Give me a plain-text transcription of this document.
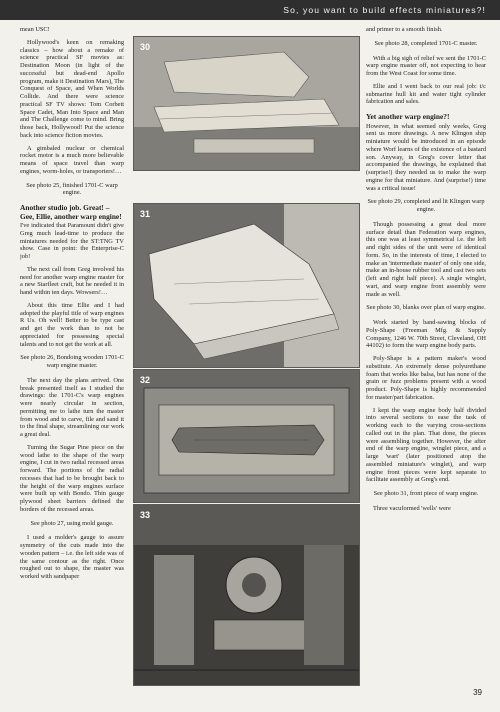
So, you want to build effects miniatures?!

mean USC!

Hollywood's keen on remaking classics – how about a remake of science practical SF movies as: Destination Moon (in light of the successful but dead-end Apollo program, make it Destination Mars), The Conquest of Space, and When Worlds Collide. And there were science practical SF TV shows: Tom Corbett Space Cadet, Man Into Space and Man and The Challenge come to mind. Bring those back, Hollywood! Put the science back into science fiction movies.

A gimbaled nuclear or chemical rocket motor is a much more believable means of space travel than warp engines, worm-holes, or transporters!…

See photo 25, finished 1701-C warp engine.

Another studio job. Great! – Gee, Ellie, another warp engine!

I've indicated that Paramount didn't give Greg much lead-time to produce the miniatures needed for the ST:TNG TV show. Case in point: the Enterprise-C job!

The next call from Greg involved his need for another warp engine master for a new Starfleet craft, but he needed it in hand within ten days. Wowsers!…

About this time Ellie and I had adopted the playful title of warp engines R Us. Oh well! Better to be type cast and get the work than to not be appreciated for possessing special talents and to not get the work at all.

See photo 26, Bondoing wooden 1701-C warp engine master.

The next day the plans arrived. One break presented itself as I studied the drawings: the 1701-C's warp engines were nearly circular in section, permitting me to lathe turn the master from wood and to carve, file and sand it to the final shape, streamlining our work a great deal.

Turning the Sugar Pine piece on the wood lathe to the shape of the warp engine, I cut in two radial recessed areas forward. The portions of the radial recesses that had to be brought back to the height of the warp engines surface were built up with Bondo. Thin gauge plywood sheet barriers defined the borders of the recessed areas.

See photo 27, using mold gauge.

I used a molder's gauge to assure symmetry of the cuts made into the wooden pattern – i.e. the left side was of the same contour as the right. Once roughed out to shape, the master was worked with sandpaper

30
31
32
33

and primer to a smooth finish.

See photo 28, completed 1701-C master.

With a big sigh of relief we sent the 1701-C warp engine master off, not expecting to hear from the West Coast for some time.

Ellie and I went back to our real job: t/c submarine hull kit and water tight cylinder fabrication and sales.

Yet another warp engine?!

However, in what seemed only weeks, Greg sent us more drawings. A new Klingon ship miniature would be introduced in an episode where Worf learns of the existence of a bastard son. Anyway, in Greg's cover letter that accompanied the drawings, he explained that (surprise!) they needed us to make the warp engine for that miniature. And (surprise!) time was a critical issue!

See photo 29, completed and lit Klingon warp engine.

Though possessing a great deal more surface detail than Federation warp engines, this one was at least symmetrical i.e. the left and right sides of the unit were of identical form. So, in the interests of time, I elected to make an 'intermediate master' of only one side, make an in-house rubber tool and cast two sets (left and right half piece). A single winglet, wart, and warp engine front assembly were made as well.

See photo 30, blanks over plan of warp engine.

Work started by band-sawing blocks of Poly-Shape (Freeman Mfg. & Supply Company, 1246 W. 70th Street, Cleveland, OH 44102) to form the warp engine body parts.

Poly-Shape is a pattern maker's wood substitute. An extremely dense polyurethane foam that works like balsa, but has none of the grain or fuzz problems present with a wood product. Poly-Shape is highly recommended for master/part fabrication.

I kept the warp engine body half divided into several sections to ease the task of working each to the varying cross-sections called out in the plan. That done, the pieces were assembling together. However, the after end of the warp engine, winglet piece, and a large 'wart' (later positioned atop the assembled miniature's winglet), and warp engine front pieces were kept separate to facilitate assembly at Greg's end.

See photo 31, front piece of warp engine.

Three vacuformed 'wells' were

39
